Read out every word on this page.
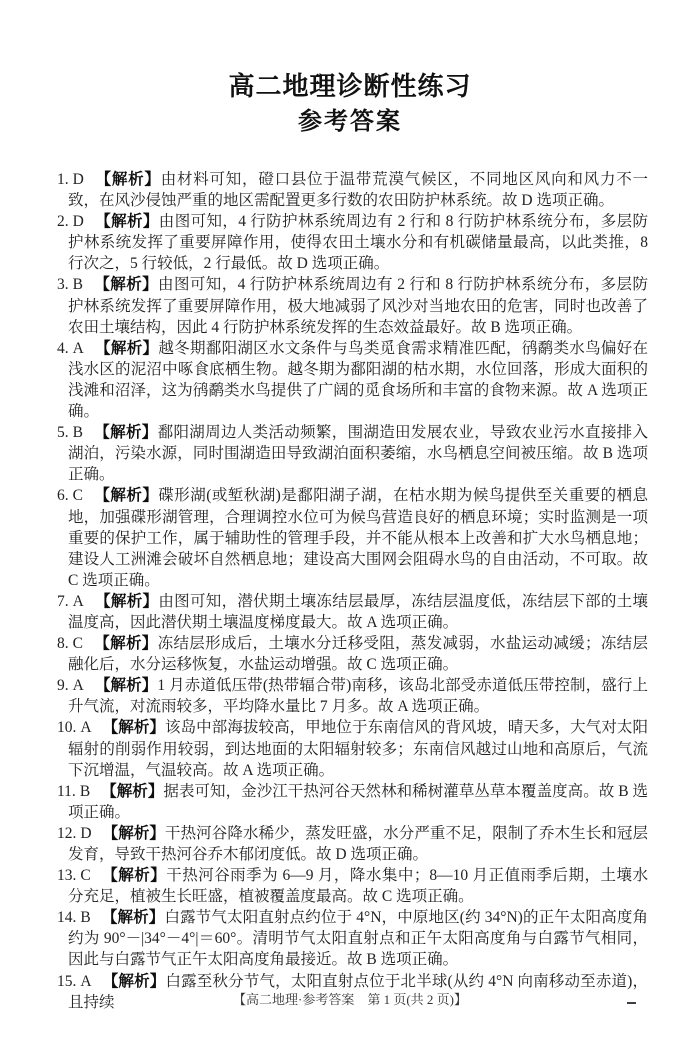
高二地理诊断性练习
参考答案
1. D 【解析】由材料可知，磴口县位于温带荒漠气候区，不同地区风向和风力不一致，在风沙侵蚀严重的地区需配置更多行数的农田防护林系统。故 D 选项正确。
2. D 【解析】由图可知，4 行防护林系统周边有 2 行和 8 行防护林系统分布，多层防护林系统发挥了重要屏障作用，使得农田土壤水分和有机碳储量最高，以此类推，8 行次之，5 行较低，2 行最低。故 D 选项正确。
3. B 【解析】由图可知，4 行防护林系统周边有 2 行和 8 行防护林系统分布，多层防护林系统发挥了重要屏障作用，极大地减弱了风沙对当地农田的危害，同时也改善了农田土壤结构，因此 4 行防护林系统发挥的生态效益最好。故 B 选项正确。
4. A 【解析】越冬期鄱阳湖区水文条件与鸟类觅食需求精准匹配，鸻鹬类水鸟偏好在浅水区的泥沼中啄食底栖生物。越冬期为鄱阳湖的枯水期，水位回落，形成大面积的浅滩和沼泽，这为鸻鹬类水鸟提供了广阔的觅食场所和丰富的食物来源。故 A 选项正确。
5. B 【解析】鄱阳湖周边人类活动频繁，围湖造田发展农业，导致农业污水直接排入湖泊，污染水源，同时围湖造田导致湖泊面积萎缩，水鸟栖息空间被压缩。故 B 选项正确。
6. C 【解析】碟形湖(或堑秋湖)是鄱阳湖子湖，在枯水期为候鸟提供至关重要的栖息地，加强碟形湖管理，合理调控水位可为候鸟营造良好的栖息环境；实时监测是一项重要的保护工作，属于辅助性的管理手段，并不能从根本上改善和扩大水鸟栖息地；建设人工洲滩会破坏自然栖息地；建设高大围网会阻碍水鸟的自由活动，不可取。故 C 选项正确。
7. A 【解析】由图可知，潜伏期土壤冻结层最厚，冻结层温度低，冻结层下部的土壤温度高，因此潜伏期土壤温度梯度最大。故 A 选项正确。
8. C 【解析】冻结层形成后，土壤水分迁移受阻，蒸发减弱，水盐运动减缓；冻结层融化后，水分运移恢复，水盐运动增强。故 C 选项正确。
9. A 【解析】1 月赤道低压带(热带辐合带)南移，该岛北部受赤道低压带控制，盛行上升气流，对流雨较多，平均降水量比 7 月多。故 A 选项正确。
10. A 【解析】该岛中部海拔较高，甲地位于东南信风的背风坡，晴天多，大气对太阳辐射的削弱作用较弱，到达地面的太阳辐射较多；东南信风越过山地和高原后，气流下沉增温，气温较高。故 A 选项正确。
11. B 【解析】据表可知，金沙江干热河谷天然林和稀树灌草丛草本覆盖度高。故 B 选项正确。
12. D 【解析】干热河谷降水稀少，蒸发旺盛，水分严重不足，限制了乔木生长和冠层发育，导致干热河谷乔木郁闭度低。故 D 选项正确。
13. C 【解析】干热河谷雨季为 6—9 月，降水集中；8—10 月正值雨季后期，土壤水分充足，植被生长旺盛，植被覆盖度最高。故 C 选项正确。
14. B 【解析】白露节气太阳直射点约位于 4°N，中原地区(约 34°N)的正午太阳高度角约为 90°－|34°－4°|＝60°。清明节气太阳直射点和正午太阳高度角与白露节气相同，因此与白露节气正午太阳高度角最接近。故 B 选项正确。
15. A 【解析】白露至秋分节气，太阳直射点位于北半球(从约 4°N 向南移动至赤道)，且持续	【高二地理·参考答案　第 1 页(共 2 页)】
